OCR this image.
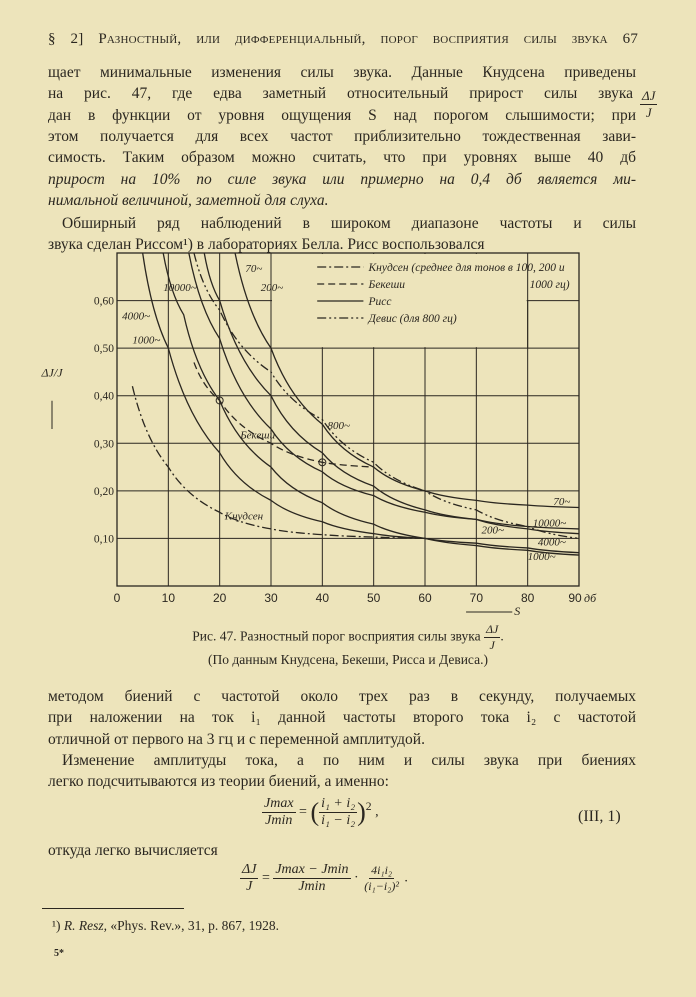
§ 2] Разностный, или дифференциальный, порог восприятия силы звука 67
щает минимальные изменения силы звука. Данные Кнудсена приведены
на рис. 47, где едва заметный относительный прирост силы звука
дан в функции от уровня ощущения S над порогом слышимости; при
этом получается для всех частот приблизительно тождественная зави-
симость. Таким образом можно считать, что при уровнях выше 40 дб
прирост на 10% по силе звука или примерно на 0,4 дб является ми-
нимальной величиной, заметной для слуха.
$\frac{\Delta J}{J}$
Обширный ряд наблюдений в широком диапазоне частоты и силы
звука сделан Риссом¹) в лабораториях Белла. Рисс воспользовался
0	10	20	30	40	50	60	70	80	90 дб
0,10
0,20
0,30
0,40
0,50
0,60
ΔJ/J
S
70~
200~
10000~
4000~
1000~
800~
Бекеши
Кнудсен
70~
10000~
200~
4000~
1000~
Кнудсен (среднее для тонов в 100, 200 и
1000 гц)
Бекеши
Рисс
Девис (для 800 гц)
Рис. 47. Разностный порог восприятия силы звука $\frac{\Delta J}{J}$ .
(По данным Кнудсена, Бекеши, Рисса и Девиса.)
методом биений с частотой около трех раз в секунду, получаемых
при наложении на ток i₁ данной частоты второго тока i₂ с частотой
отличной от первого на 3 гц и с переменной амплитудой.
Изменение амплитуды тока, а по ним и силы звука при биениях
легко подсчитываются из теории биений, а именно:
$\frac{Jmax}{Jmin}$ = ( $\frac{\text{i₁ + i₂}}{\text{i₁ − i₂}} )^2$ ,	(III, 1)
откуда легко вычисляется
$\frac{\Delta J}{J} = \frac{Jmax - Jmin}{Jmin} \cdot \frac{\text{4i₁i₂}}{\text{(i₁−i₂)²}}$ .
¹) R. Resz, «Phys. Rev.», 31, p. 867, 1928.
5*
